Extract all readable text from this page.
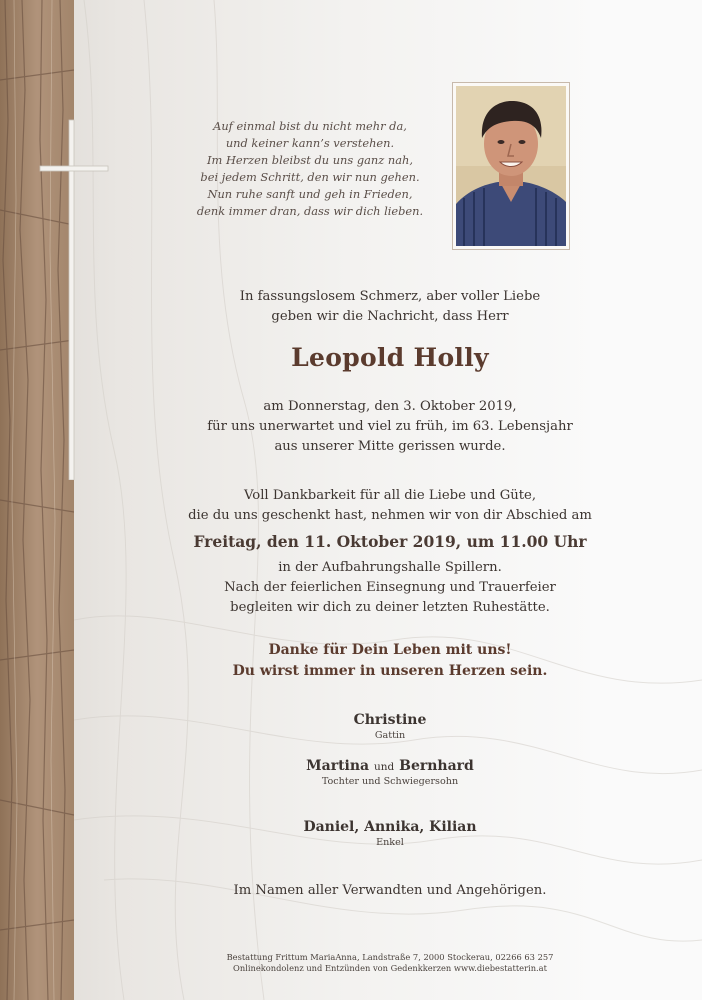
Auf einmal bist du nicht mehr da,
und keiner kann’s verstehen.
Im Herzen bleibst du uns ganz nah,
bei jedem Schritt, den wir nun gehen.
Nun ruhe sanft und geh in Frieden,
denk immer dran, dass wir dich lieben.
In fassungslosem Schmerz, aber voller Liebe
geben wir die Nachricht, dass Herr
Leopold Holly
am Donnerstag, den 3. Oktober 2019,
für uns unerwartet und viel zu früh, im 63. Lebensjahr
aus unserer Mitte gerissen wurde.
Voll Dankbarkeit für all die Liebe und Güte,
die du uns geschenkt hast, nehmen wir von dir Abschied am
Freitag, den 11. Oktober 2019, um 11.00 Uhr
in der Aufbahrungshalle Spillern.
Nach der feierlichen Einsegnung und Trauerfeier
begleiten wir dich zu deiner letzten Ruhestätte.
Danke für Dein Leben mit uns!
Du wirst immer in unseren Herzen sein.
Christine
Gattin
Martina und Bernhard
Tochter und Schwiegersohn
Daniel, Annika, Kilian
Enkel
Im Namen aller Verwandten und Angehörigen.
Bestattung Frittum MariaAnna, Landstraße 7, 2000 Stockerau, 02266 63 257
Onlinekondolenz und Entzünden von Gedenkkerzen www.diebestatterin.at
